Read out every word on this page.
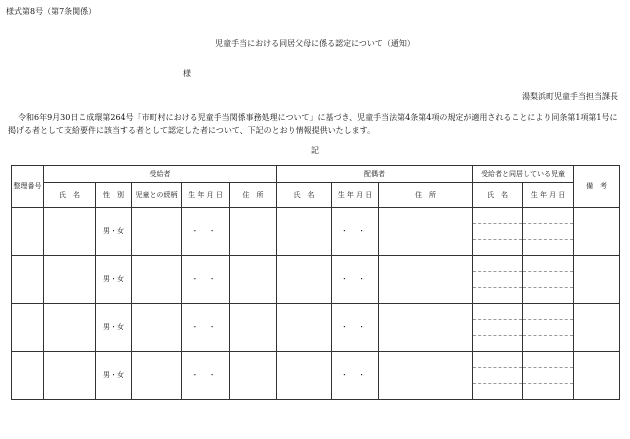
様式第8号（第7条関係）
児童手当における同居父母に係る認定について（通知）
様
湯梨浜町児童手当担当課長
令和6年9月30日こ成環第264号「市町村における児童手当関係事務処理について」に基づき、児童手当法第4条第4項の規定が適用されることにより同条第1項第1号に掲げる者として支給要件に該当する者として認定した者について、下記のとおり情報提供いたします。
記
整理番号	受給者					配偶者			受給者と同居している児童		備　考
	氏　名	性　別	児童との続柄	生 年 月 日	住　所	氏　名	生 年 月 日	住　所	氏　名	生 年 月 日	
		男・女		・ ・			・ ・		

		男・女		・ ・			・ ・		

		男・女		・ ・			・ ・		

		男・女		・ ・			・ ・		
